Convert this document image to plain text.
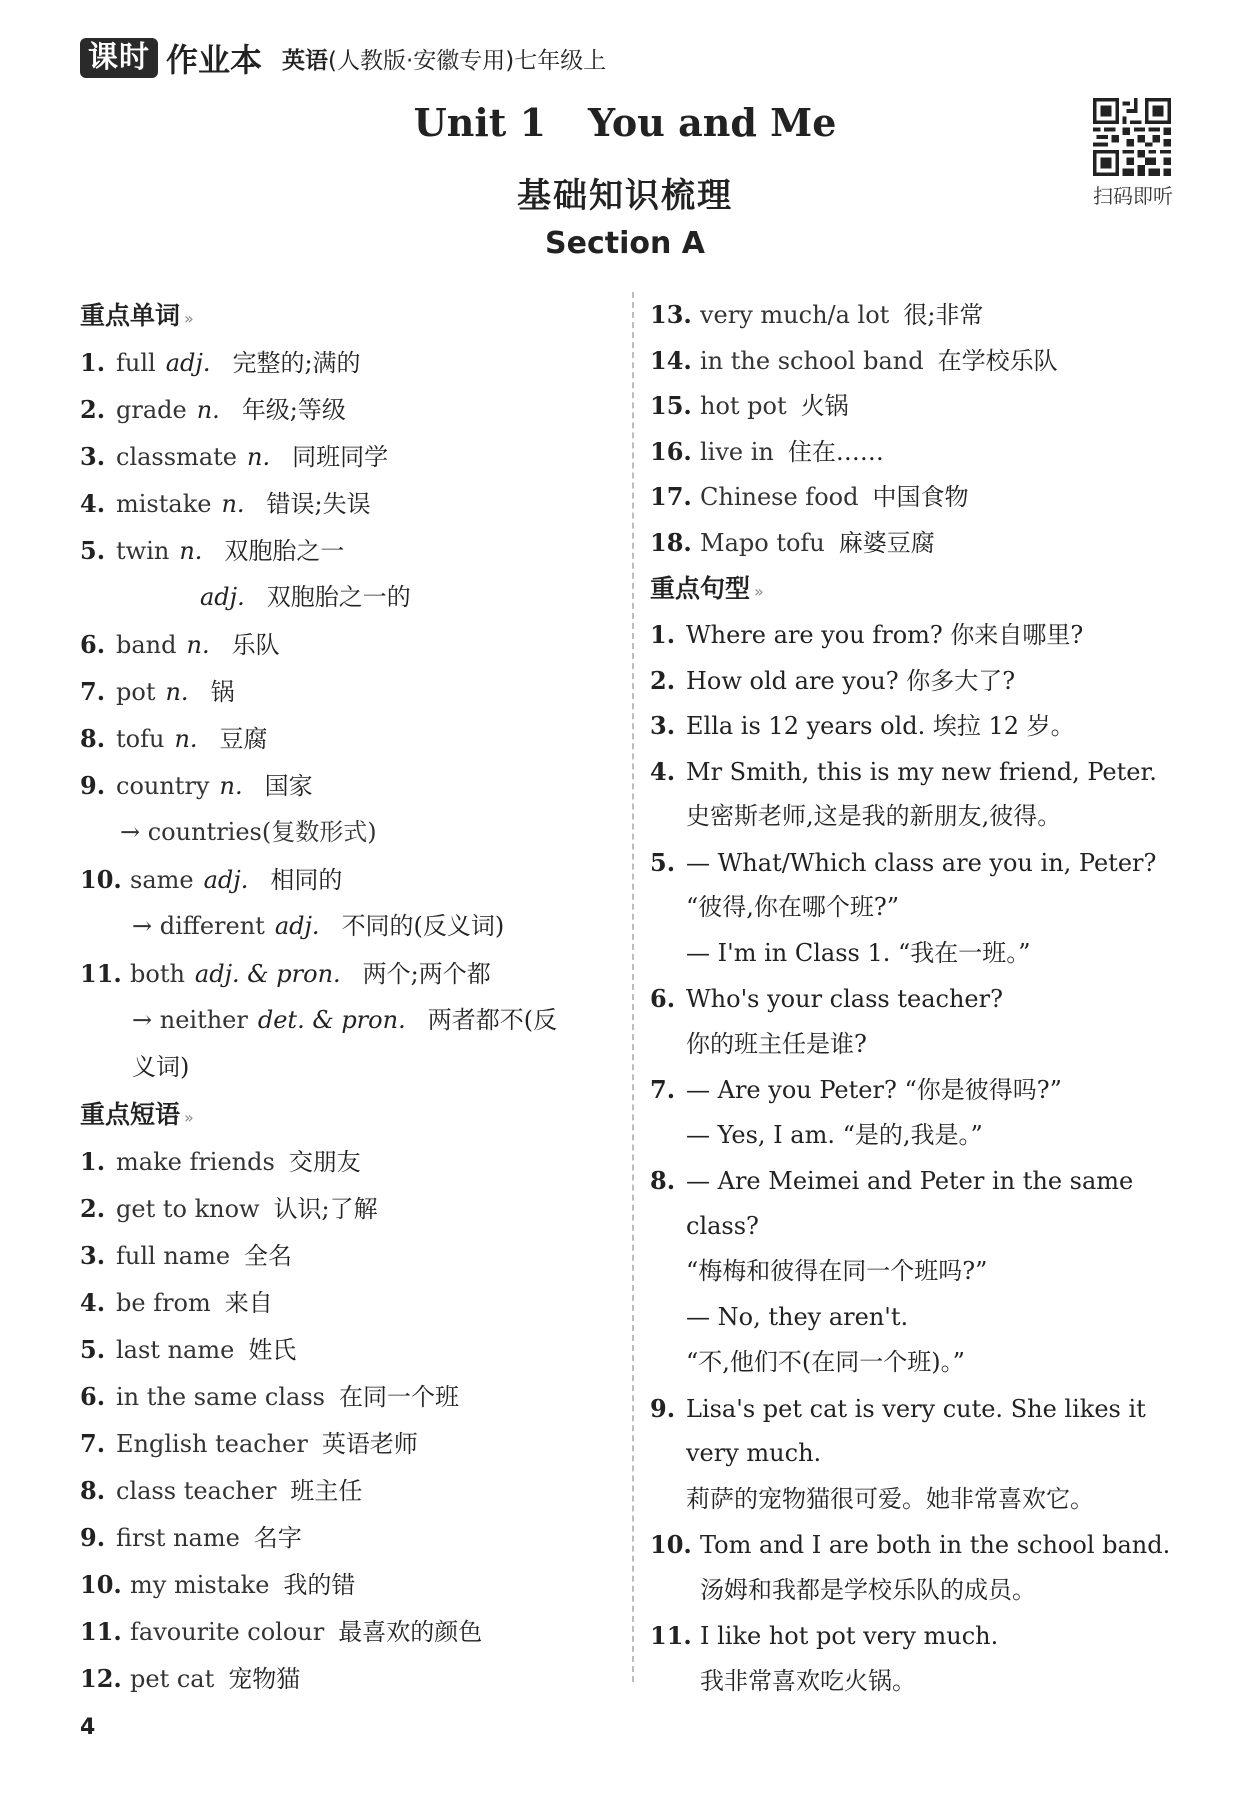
课时 作业本 英语(人教版·安徽专用)七年级上
Unit 1 You and Me
基础知识梳理
Section A
扫码即听
重点单词 »
1. full adj. 完整的;满的
2. grade n. 年级;等级
3. classmate n. 同班同学
4. mistake n. 错误;失误
5. twin n. 双胞胎之一
adj. 双胞胎之一的
6. band n. 乐队
7. pot n. 锅
8. tofu n. 豆腐
9. country n. 国家
→ countries(复数形式)
10. same adj. 相同的
→ different adj. 不同的(反义词)
11. both adj. & pron. 两个;两个都
→ neither det. & pron. 两者都不(反
义词)
重点短语 »
1. make friends 交朋友
2. get to know 认识;了解
3. full name 全名
4. be from 来自
5. last name 姓氏
6. in the same class 在同一个班
7. English teacher 英语老师
8. class teacher 班主任
9. first name 名字
10. my mistake 我的错
11. favourite colour 最喜欢的颜色
12. pet cat 宠物猫
13. very much/a lot 很;非常
14. in the school band 在学校乐队
15. hot pot 火锅
16. live in 住在……
17. Chinese food 中国食物
18. Mapo tofu 麻婆豆腐
重点句型 »
1. Where are you from? 你来自哪里?
2. How old are you? 你多大了?
3. Ella is 12 years old. 埃拉 12 岁。
4. Mr Smith, this is my new friend, Peter.
史密斯老师,这是我的新朋友,彼得。
5. — What/Which class are you in, Peter?
“彼得,你在哪个班?”
— I'm in Class 1. “我在一班。”
6. Who's your class teacher?
你的班主任是谁?
7. — Are you Peter? “你是彼得吗?”
— Yes, I am. “是的,我是。”
8. — Are Meimei and Peter in the same
class?
“梅梅和彼得在同一个班吗?”
— No, they aren't.
“不,他们不(在同一个班)。”
9. Lisa's pet cat is very cute. She likes it
very much.
莉萨的宠物猫很可爱。她非常喜欢它。
10. Tom and I are both in the school band.
汤姆和我都是学校乐队的成员。
11. I like hot pot very much.
我非常喜欢吃火锅。
4
